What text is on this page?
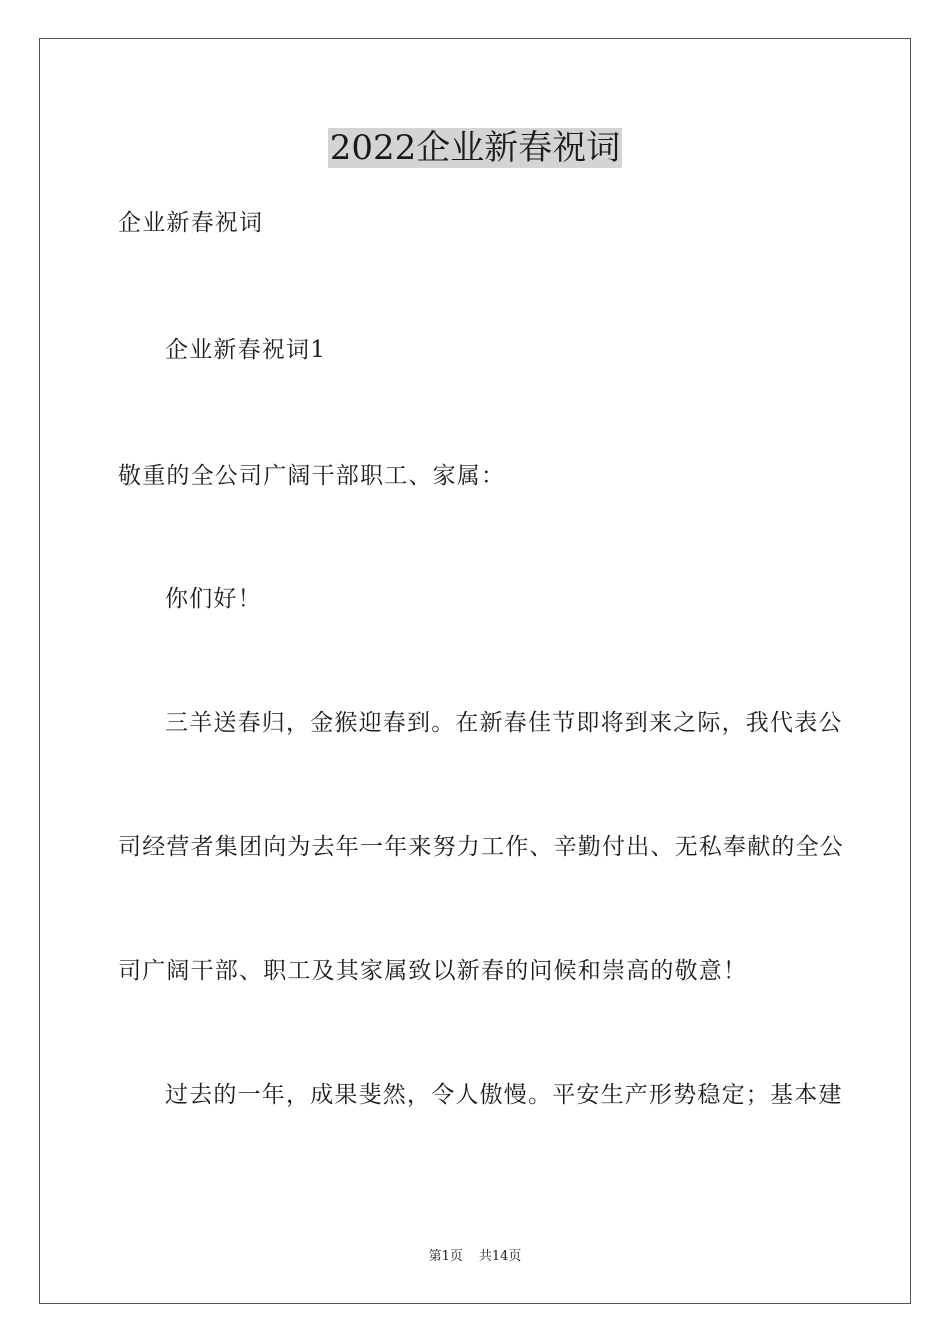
2022企业新春祝词
企业新春祝词
企业新春祝词1
敬重的全公司广阔干部职工、家属：
你们好！
三羊送春归，金猴迎春到。在新春佳节即将到来之际，我代表公
司经营者集团向为去年一年来努力工作、辛勤付出、无私奉献的全公
司广阔干部、职工及其家属致以新春的问候和崇高的敬意！
过去的一年，成果斐然，令人傲慢。平安生产形势稳定；基本建
第1页 共14页
